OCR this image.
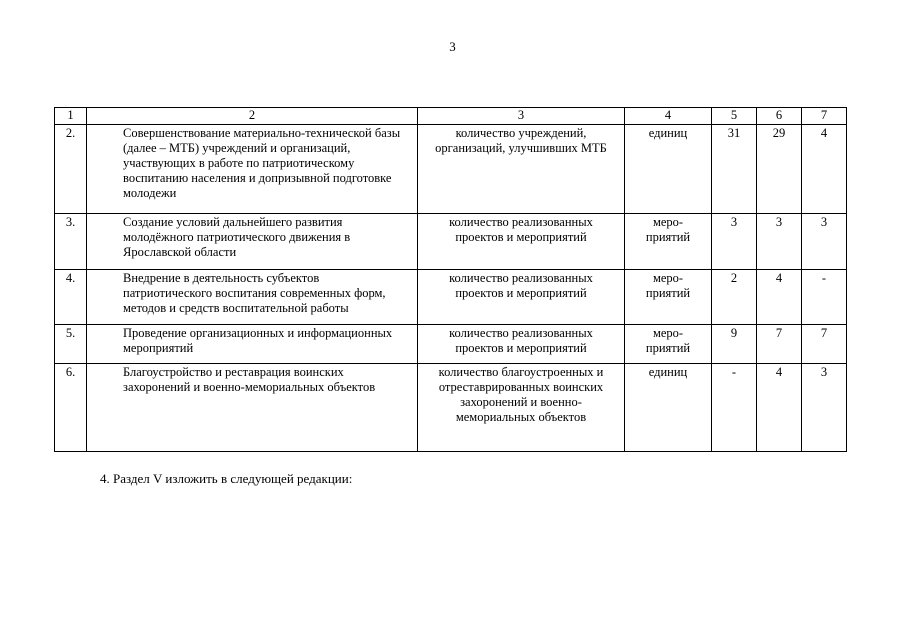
3
1	2	3	4	5	6	7
2.	Совершенствование материально-технической базы (далее – МТБ) учреждений и организаций, участвующих в работе по патриотическому воспитанию населения и допризывной подготовке молодежи	количество учреждений, организаций, улучшивших МТБ	единиц	31	29	4
3.	Создание условий дальнейшего развития молодёжного патриотического движения в Ярославской области	количество реализованных проектов и мероприятий	меро-приятий	3	3	3
4.	Внедрение в деятельность субъектов патриотического воспитания современных форм, методов и средств воспитательной работы	количество реализованных проектов и мероприятий	меро-приятий	2	4	-
5.	Проведение организационных и информационных мероприятий	количество реализованных проектов и мероприятий	меро-приятий	9	7	7
6.	Благоустройство и реставрация воинских захоронений и военно-мемориальных объектов	количество благоустроенных и отреставрированных воинских захоронений и военно-мемориальных объектов	единиц	-	4	3
4. Раздел V изложить в следующей редакции:
